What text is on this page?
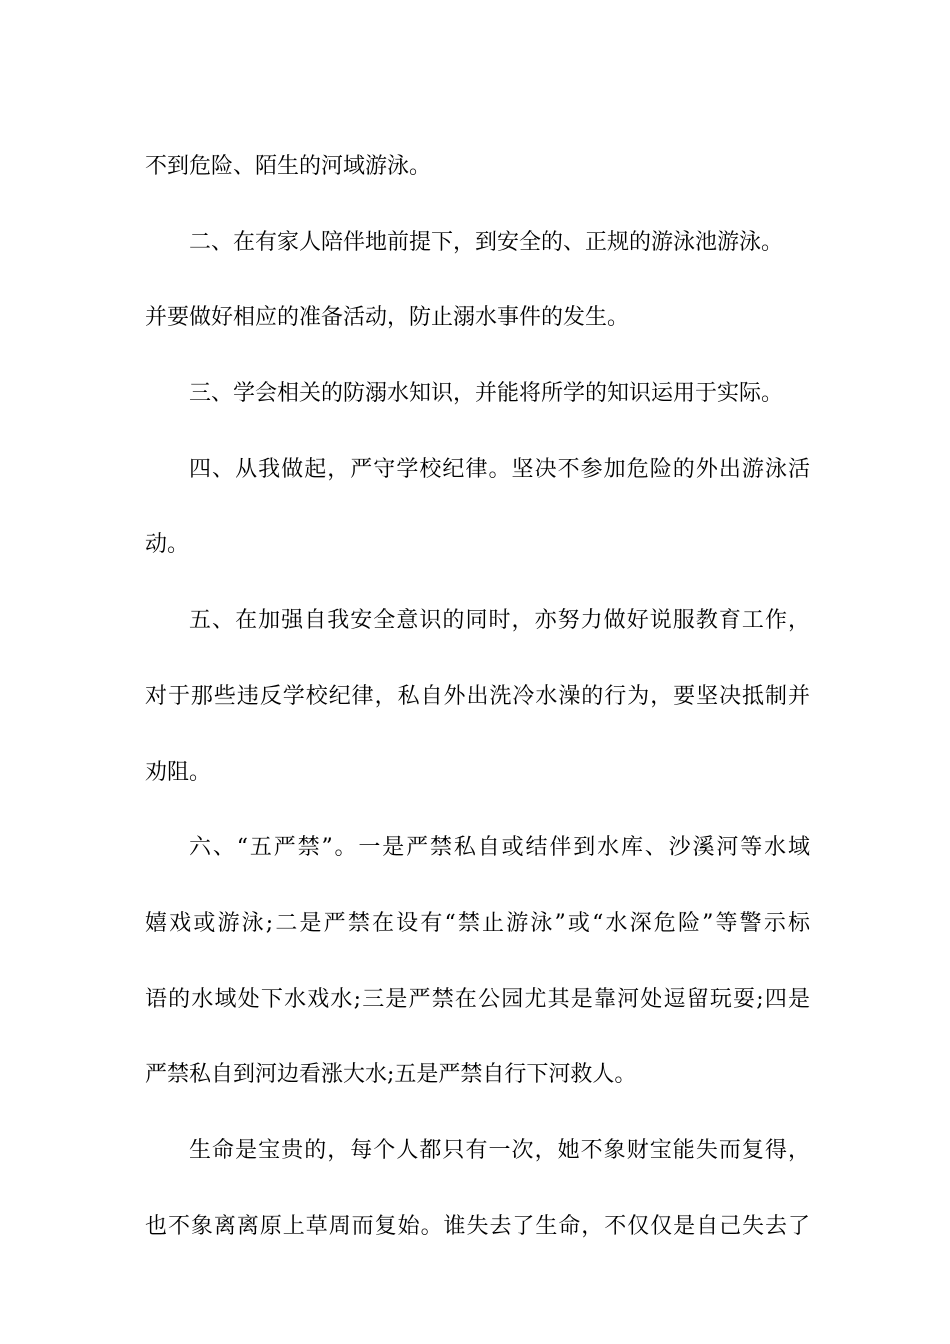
不到危险、陌生的河域游泳。
二、在有家人陪伴地前提下，到安全的、正规的游泳池游泳。
并要做好相应的准备活动，防止溺水事件的发生。
三、学会相关的防溺水知识，并能将所学的知识运用于实际。
四、从我做起，严守学校纪律。坚决不参加危险的外出游泳活
动。
五、在加强自我安全意识的同时，亦努力做好说服教育工作，
对于那些违反学校纪律，私自外出洗冷水澡的行为，要坚决抵制并
劝阻。
六、“五严禁”。一是严禁私自或结伴到水库、沙溪河等水域
嬉戏或游泳;二是严禁在设有“禁止游泳”或“水深危险”等警示标
语的水域处下水戏水;三是严禁在公园尤其是靠河处逗留玩耍;四是
严禁私自到河边看涨大水;五是严禁自行下河救人。
生命是宝贵的，每个人都只有一次，她不象财宝能失而复得，
也不象离离原上草周而复始。谁失去了生命，不仅仅是自己失去了
